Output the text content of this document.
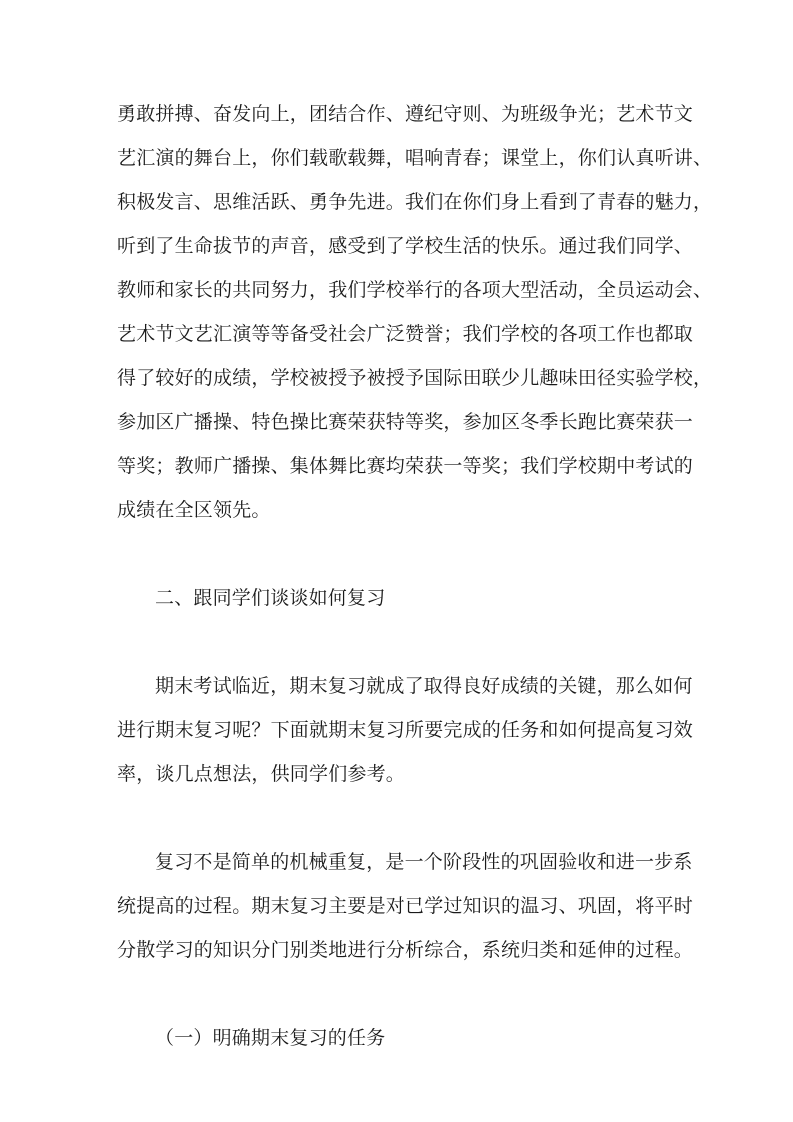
勇敢拼搏、奋发向上，团结合作、遵纪守则、为班级争光；艺术节文
艺汇演的舞台上，你们载歌载舞，唱响青春；课堂上，你们认真听讲、
积极发言、思维活跃、勇争先进。我们在你们身上看到了青春的魅力，
听到了生命拔节的声音，感受到了学校生活的快乐。通过我们同学、
教师和家长的共同努力，我们学校举行的各项大型活动，全员运动会、
艺术节文艺汇演等等备受社会广泛赞誉；我们学校的各项工作也都取
得了较好的成绩，学校被授予被授予国际田联少儿趣味田径实验学校，
参加区广播操、特色操比赛荣获特等奖，参加区冬季长跑比赛荣获一
等奖；教师广播操、集体舞比赛均荣获一等奖；我们学校期中考试的
成绩在全区领先。
二、跟同学们谈谈如何复习
期末考试临近，期末复习就成了取得良好成绩的关键，那么如何
进行期末复习呢？下面就期末复习所要完成的任务和如何提高复习效
率，谈几点想法，供同学们参考。
复习不是简单的机械重复，是一个阶段性的巩固验收和进一步系
统提高的过程。期末复习主要是对已学过知识的温习、巩固，将平时
分散学习的知识分门别类地进行分析综合，系统归类和延伸的过程。
（一）明确期末复习的任务
